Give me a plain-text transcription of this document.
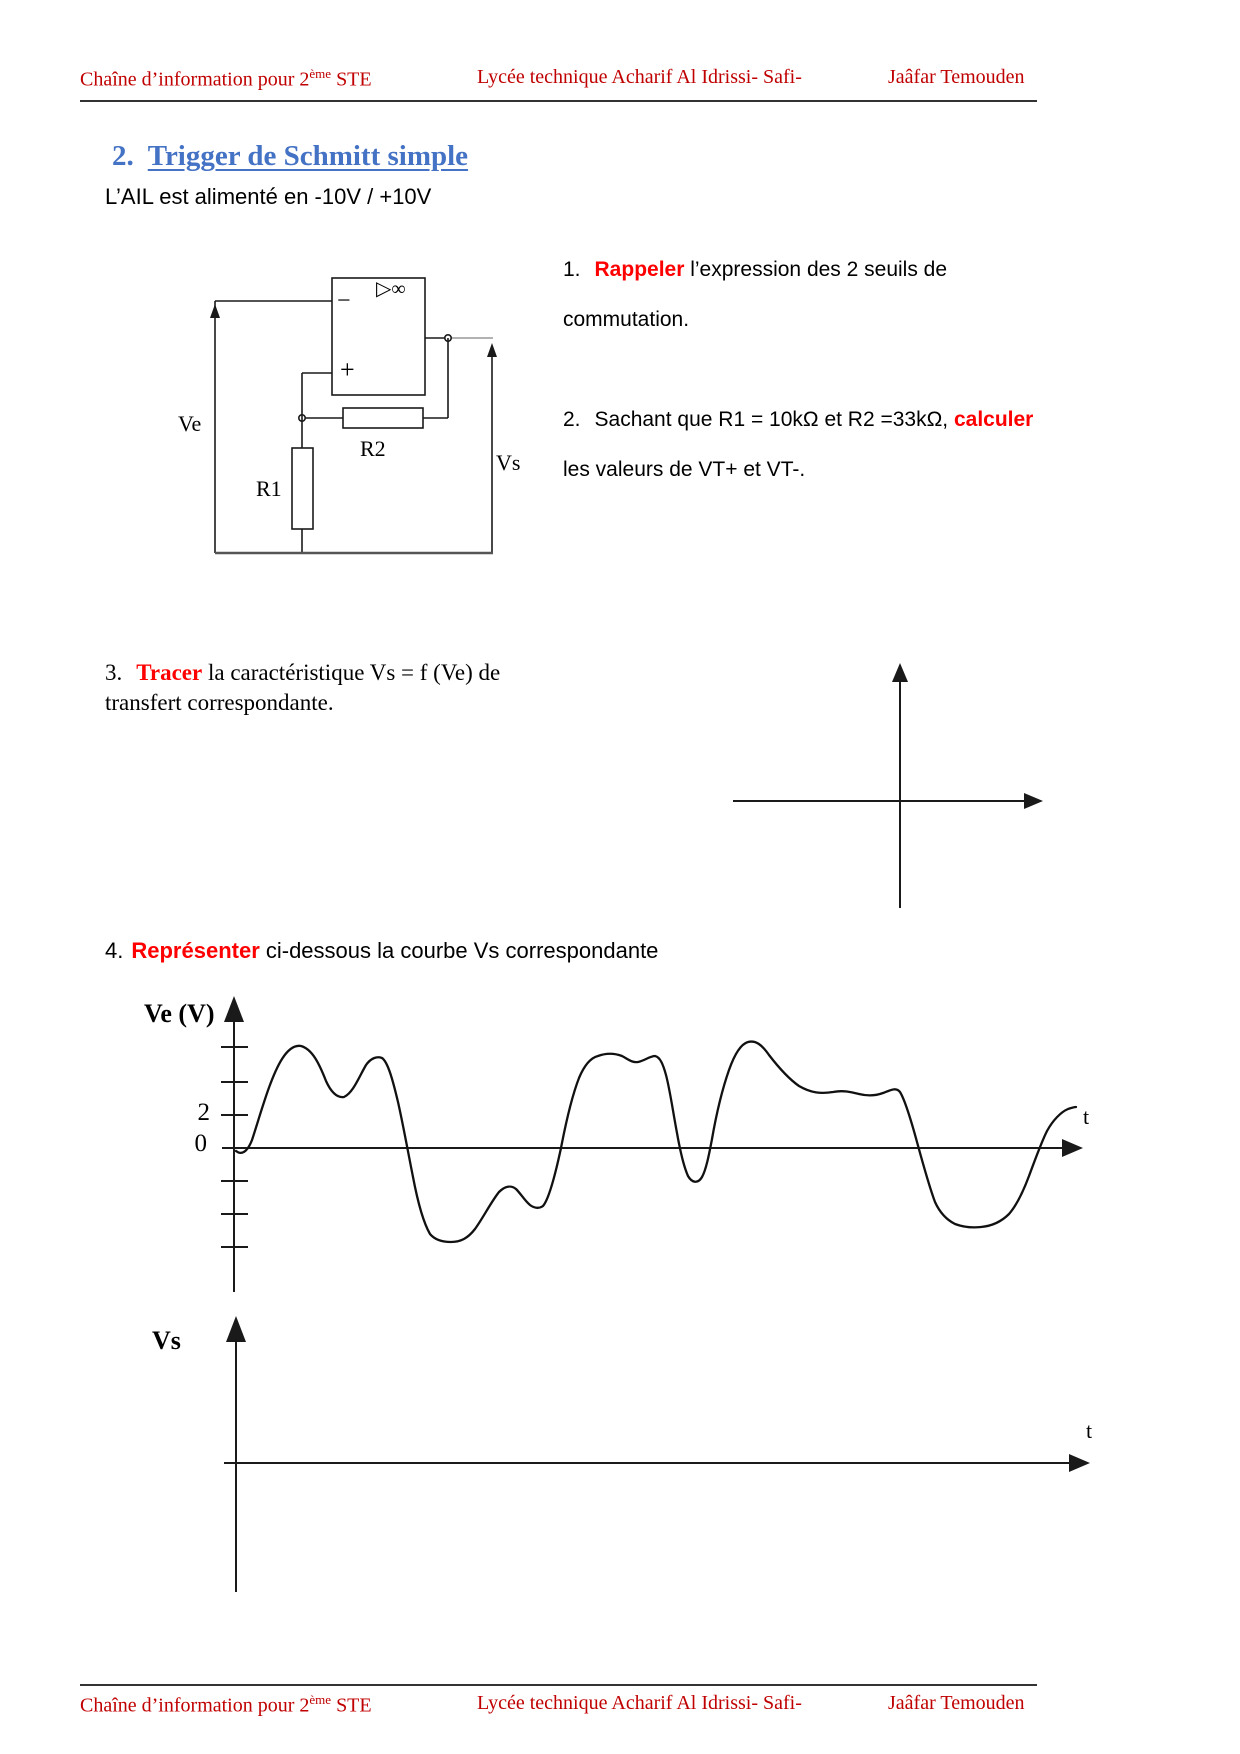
Chaîne d’information pour 2ème STE	Lycée technique Acharif Al Idrissi- Safi-	Jaâfar Temouden
2. Trigger de Schmitt simple
L’AIL est alimenté en -10V / +10V
− ▷∞
+
Ve
Vs
R1
R2
1. Rappeler l’expression des 2 seuils de
commutation.
2. Sachant que R1 = 10kΩ et R2 =33kΩ, calculer
les valeurs de VT+ et VT-.
3. Tracer la caractéristique Vs = f (Ve) de
transfert correspondante.
4. Représenter ci-dessous la courbe Vs correspondante
Ve (V)
2
0
t
Vs
t
Chaîne d’information pour 2ème STE	Lycée technique Acharif Al Idrissi- Safi-	Jaâfar Temouden
